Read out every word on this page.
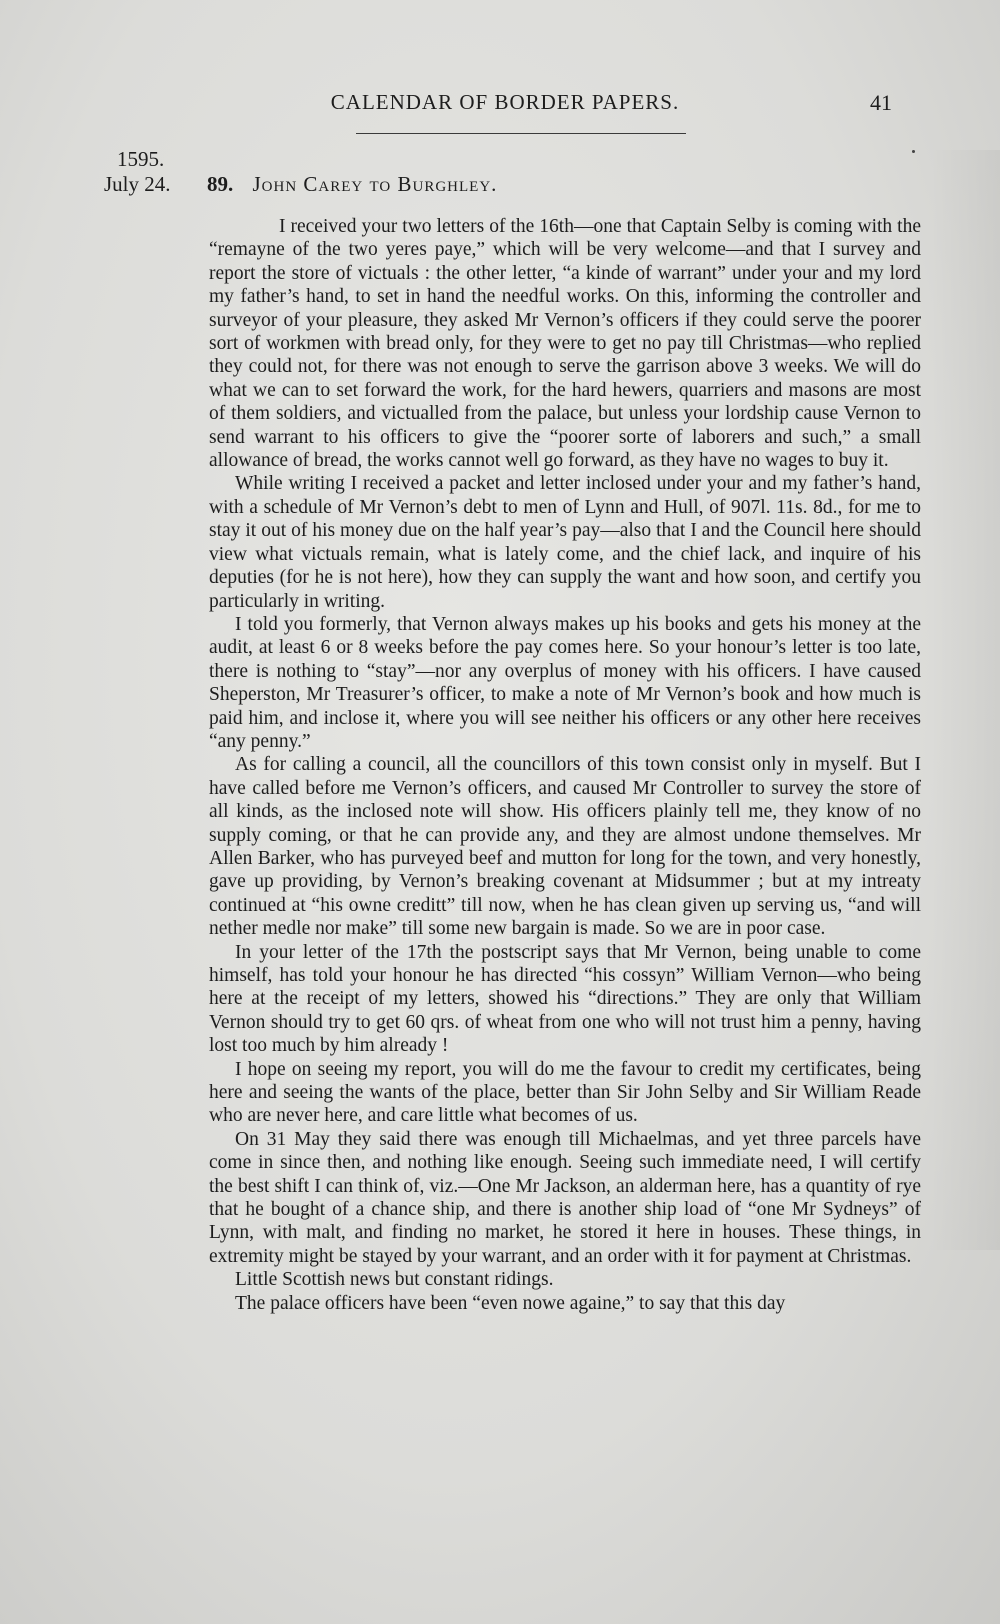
CALENDAR OF BORDER PAPERS.	41
1595.
July 24. 89. John Carey to Burghley.

I received your two letters of the 16th—one that Captain Selby is coming with the “remayne of the two yeres paye,” which will be very welcome—and that I survey and report the store of victuals : the other letter, “a kinde of warrant” under your and my lord my father’s hand, to set in hand the needful works. On this, informing the controller and surveyor of your pleasure, they asked Mr Vernon’s officers if they could serve the poorer sort of workmen with bread only, for they were to get no pay till Christmas—who replied they could not, for there was not enough to serve the garrison above 3 weeks. We will do what we can to set forward the work, for the hard hewers, quarriers and masons are most of them soldiers, and victualled from the palace, but unless your lordship cause Vernon to send warrant to his officers to give the “poorer sorte of laborers and such,” a small allowance of bread, the works cannot well go forward, as they have no wages to buy it.

While writing I received a packet and letter inclosed under your and my father’s hand, with a schedule of Mr Vernon’s debt to men of Lynn and Hull, of 907l. 11s. 8d., for me to stay it out of his money due on the half year’s pay—also that I and the Council here should view what victuals remain, what is lately come, and the chief lack, and inquire of his deputies (for he is not here), how they can supply the want and how soon, and certify you particularly in writing.

I told you formerly, that Vernon always makes up his books and gets his money at the audit, at least 6 or 8 weeks before the pay comes here. So your honour’s letter is too late, there is nothing to “stay”—nor any overplus of money with his officers. I have caused Sheperston, Mr Treasurer’s officer, to make a note of Mr Vernon’s book and how much is paid him, and inclose it, where you will see neither his officers or any other here receives “any penny.”

As for calling a council, all the councillors of this town consist only in myself. But I have called before me Vernon’s officers, and caused Mr Controller to survey the store of all kinds, as the inclosed note will show. His officers plainly tell me, they know of no supply coming, or that he can provide any, and they are almost undone themselves. Mr Allen Barker, who has purveyed beef and mutton for long for the town, and very honestly, gave up providing, by Vernon’s breaking covenant at Midsummer ; but at my intreaty continued at “his owne creditt” till now, when he has clean given up serving us, “and will nether medle nor make” till some new bargain is made. So we are in poor case.

In your letter of the 17th the postscript says that Mr Vernon, being unable to come himself, has told your honour he has directed “his cossyn” William Vernon—who being here at the receipt of my letters, showed his “directions.” They are only that William Vernon should try to get 60 qrs. of wheat from one who will not trust him a penny, having lost too much by him already !

I hope on seeing my report, you will do me the favour to credit my certificates, being here and seeing the wants of the place, better than Sir John Selby and Sir William Reade who are never here, and care little what becomes of us.

On 31 May they said there was enough till Michaelmas, and yet three parcels have come in since then, and nothing like enough. Seeing such immediate need, I will certify the best shift I can think of, viz.—One Mr Jackson, an alderman here, has a quantity of rye that he bought of a chance ship, and there is another ship load of “one Mr Sydneys” of Lynn, with malt, and finding no market, he stored it here in houses. These things, in extremity might be stayed by your warrant, and an order with it for payment at Christmas.

Little Scottish news but constant ridings.

The palace officers have been “even nowe againe,” to say that this day
